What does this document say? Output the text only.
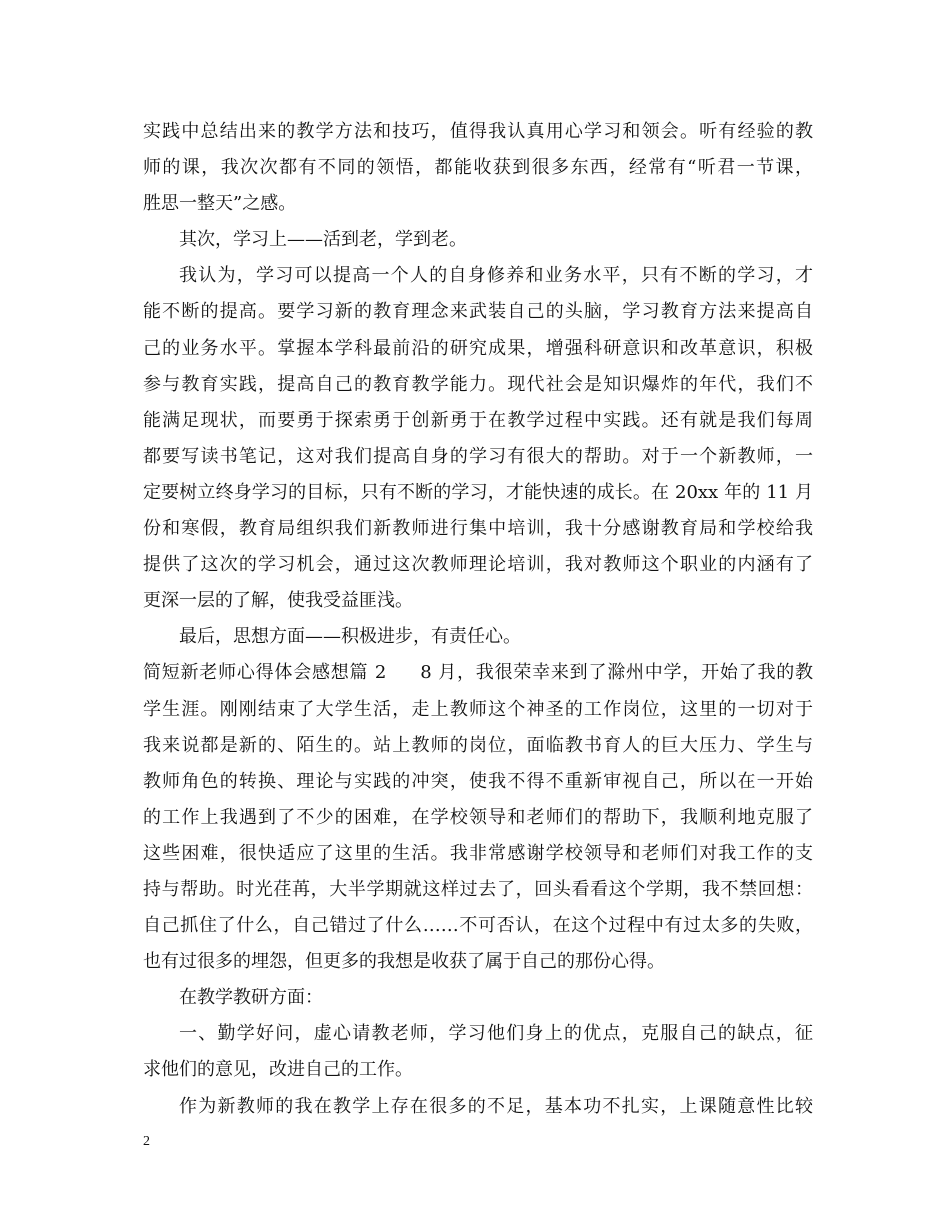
实践中总结出来的教学方法和技巧，值得我认真用心学习和领会。听有经验的教
师的课，我次次都有不同的领悟，都能收获到很多东西，经常有“听君一节课，
胜思一整天”之感。
其次，学习上——活到老，学到老。
我认为，学习可以提高一个人的自身修养和业务水平，只有不断的学习，才
能不断的提高。要学习新的教育理念来武装自己的头脑，学习教育方法来提高自
己的业务水平。掌握本学科最前沿的研究成果，增强科研意识和改革意识，积极
参与教育实践，提高自己的教育教学能力。现代社会是知识爆炸的年代，我们不
能满足现状，而要勇于探索勇于创新勇于在教学过程中实践。还有就是我们每周
都要写读书笔记，这对我们提高自身的学习有很大的帮助。对于一个新教师，一
定要树立终身学习的目标，只有不断的学习，才能快速的成长。在 20xx 年的 11 月
份和寒假，教育局组织我们新教师进行集中培训，我十分感谢教育局和学校给我
提供了这次的学习机会，通过这次教师理论培训，我对教师这个职业的内涵有了
更深一层的了解，使我受益匪浅。
最后，思想方面——积极进步，有责任心。
简短新老师心得体会感想篇 2 8 月，我很荣幸来到了滁州中学，开始了我的教
学生涯。刚刚结束了大学生活，走上教师这个神圣的工作岗位，这里的一切对于
我来说都是新的、陌生的。站上教师的岗位，面临教书育人的巨大压力、学生与
教师角色的转换、理论与实践的冲突，使我不得不重新审视自己，所以在一开始
的工作上我遇到了不少的困难，在学校领导和老师们的帮助下，我顺利地克服了
这些困难，很快适应了这里的生活。我非常感谢学校领导和老师们对我工作的支
持与帮助。时光荏苒，大半学期就这样过去了，回头看看这个学期，我不禁回想：
自己抓住了什么，自己错过了什么……不可否认，在这个过程中有过太多的失败，
也有过很多的埋怨，但更多的我想是收获了属于自己的那份心得。
在教学教研方面：
一、勤学好问，虚心请教老师，学习他们身上的优点，克服自己的缺点，征
求他们的意见，改进自己的工作。
作为新教师的我在教学上存在很多的不足，基本功不扎实，上课随意性比较
2
